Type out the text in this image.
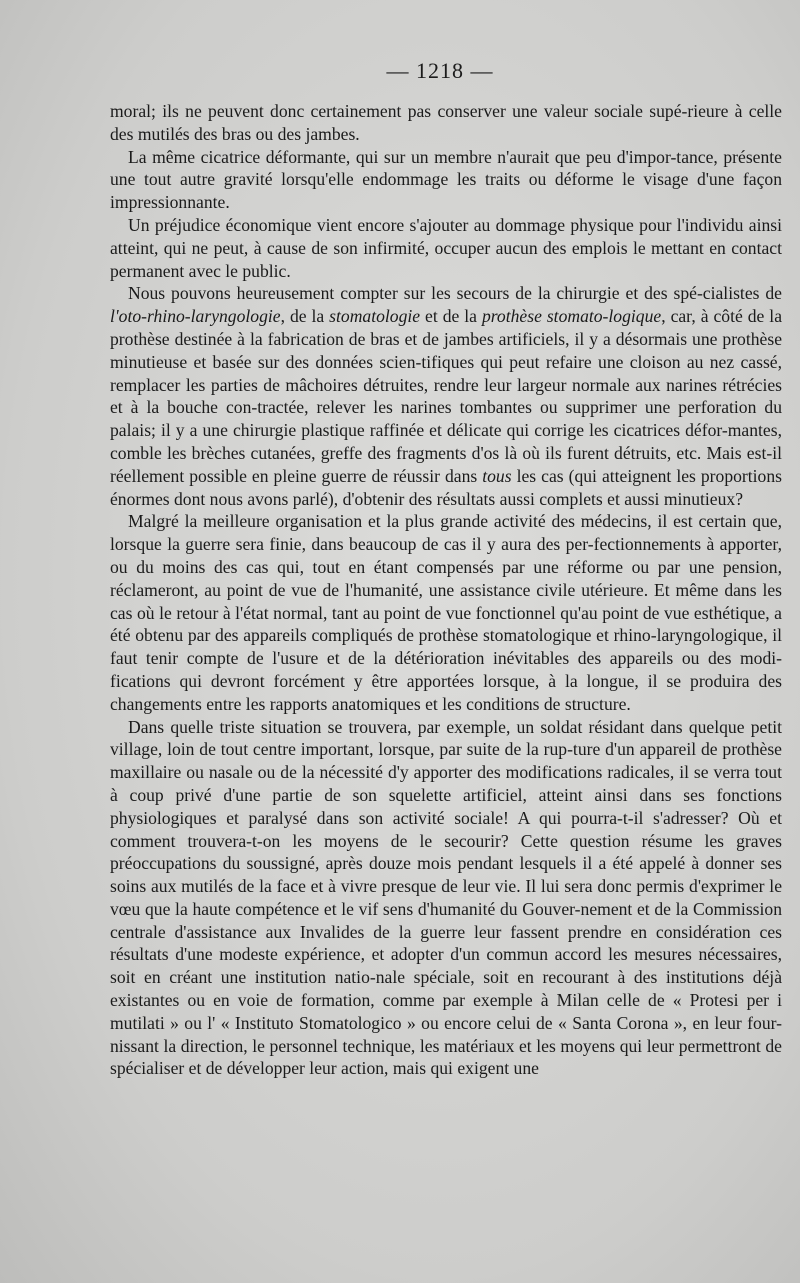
— 1218 —

moral; ils ne peuvent donc certainement pas conserver une valeur sociale supé-rieure à celle des mutilés des bras ou des jambes.

La même cicatrice déformante, qui sur un membre n'aurait que peu d'impor-tance, présente une tout autre gravité lorsqu'elle endommage les traits ou déforme le visage d'une façon impressionnante.

Un préjudice économique vient encore s'ajouter au dommage physique pour l'individu ainsi atteint, qui ne peut, à cause de son infirmité, occuper aucun des emplois le mettant en contact permanent avec le public.

Nous pouvons heureusement compter sur les secours de la chirurgie et des spé-cialistes de l'oto-rhino-laryngologie, de la stomatologie et de la prothèse stomato-logique, car, à côté de la prothèse destinée à la fabrication de bras et de jambes artificiels, il y a désormais une prothèse minutieuse et basée sur des données scien-tifiques qui peut refaire une cloison au nez cassé, remplacer les parties de mâchoires détruites, rendre leur largeur normale aux narines rétrécies et à la bouche con-tractée, relever les narines tombantes ou supprimer une perforation du palais; il y a une chirurgie plastique raffinée et délicate qui corrige les cicatrices défor-mantes, comble les brèches cutanées, greffe des fragments d'os là où ils furent détruits, etc. Mais est-il réellement possible en pleine guerre de réussir dans tous les cas (qui atteignent les proportions énormes dont nous avons parlé), d'obtenir des résultats aussi complets et aussi minutieux?

Malgré la meilleure organisation et la plus grande activité des médecins, il est certain que, lorsque la guerre sera finie, dans beaucoup de cas il y aura des per-fectionnements à apporter, ou du moins des cas qui, tout en étant compensés par une réforme ou par une pension, réclameront, au point de vue de l'humanité, une assistance civile utérieure. Et même dans les cas où le retour à l'état normal, tant au point de vue fonctionnel qu'au point de vue esthétique, a été obtenu par des appareils compliqués de prothèse stomatologique et rhino-laryngologique, il faut tenir compte de l'usure et de la détérioration inévitables des appareils ou des modi-fications qui devront forcément y être apportées lorsque, à la longue, il se produira des changements entre les rapports anatomiques et les conditions de structure.

Dans quelle triste situation se trouvera, par exemple, un soldat résidant dans quelque petit village, loin de tout centre important, lorsque, par suite de la rup-ture d'un appareil de prothèse maxillaire ou nasale ou de la nécessité d'y apporter des modifications radicales, il se verra tout à coup privé d'une partie de son squelette artificiel, atteint ainsi dans ses fonctions physiologiques et paralysé dans son activité sociale! A qui pourra-t-il s'adresser? Où et comment trouvera-t-on les moyens de le secourir? Cette question résume les graves préoccupations du soussigné, après douze mois pendant lesquels il a été appelé à donner ses soins aux mutilés de la face et à vivre presque de leur vie. Il lui sera donc permis d'exprimer le vœu que la haute compétence et le vif sens d'humanité du Gouver-nement et de la Commission centrale d'assistance aux Invalides de la guerre leur fassent prendre en considération ces résultats d'une modeste expérience, et adopter d'un commun accord les mesures nécessaires, soit en créant une institution natio-nale spéciale, soit en recourant à des institutions déjà existantes ou en voie de formation, comme par exemple à Milan celle de « Protesi per i mutilati » ou l' « Instituto Stomatologico » ou encore celui de « Santa Corona », en leur four-nissant la direction, le personnel technique, les matériaux et les moyens qui leur permettront de spécialiser et de développer leur action, mais qui exigent une
